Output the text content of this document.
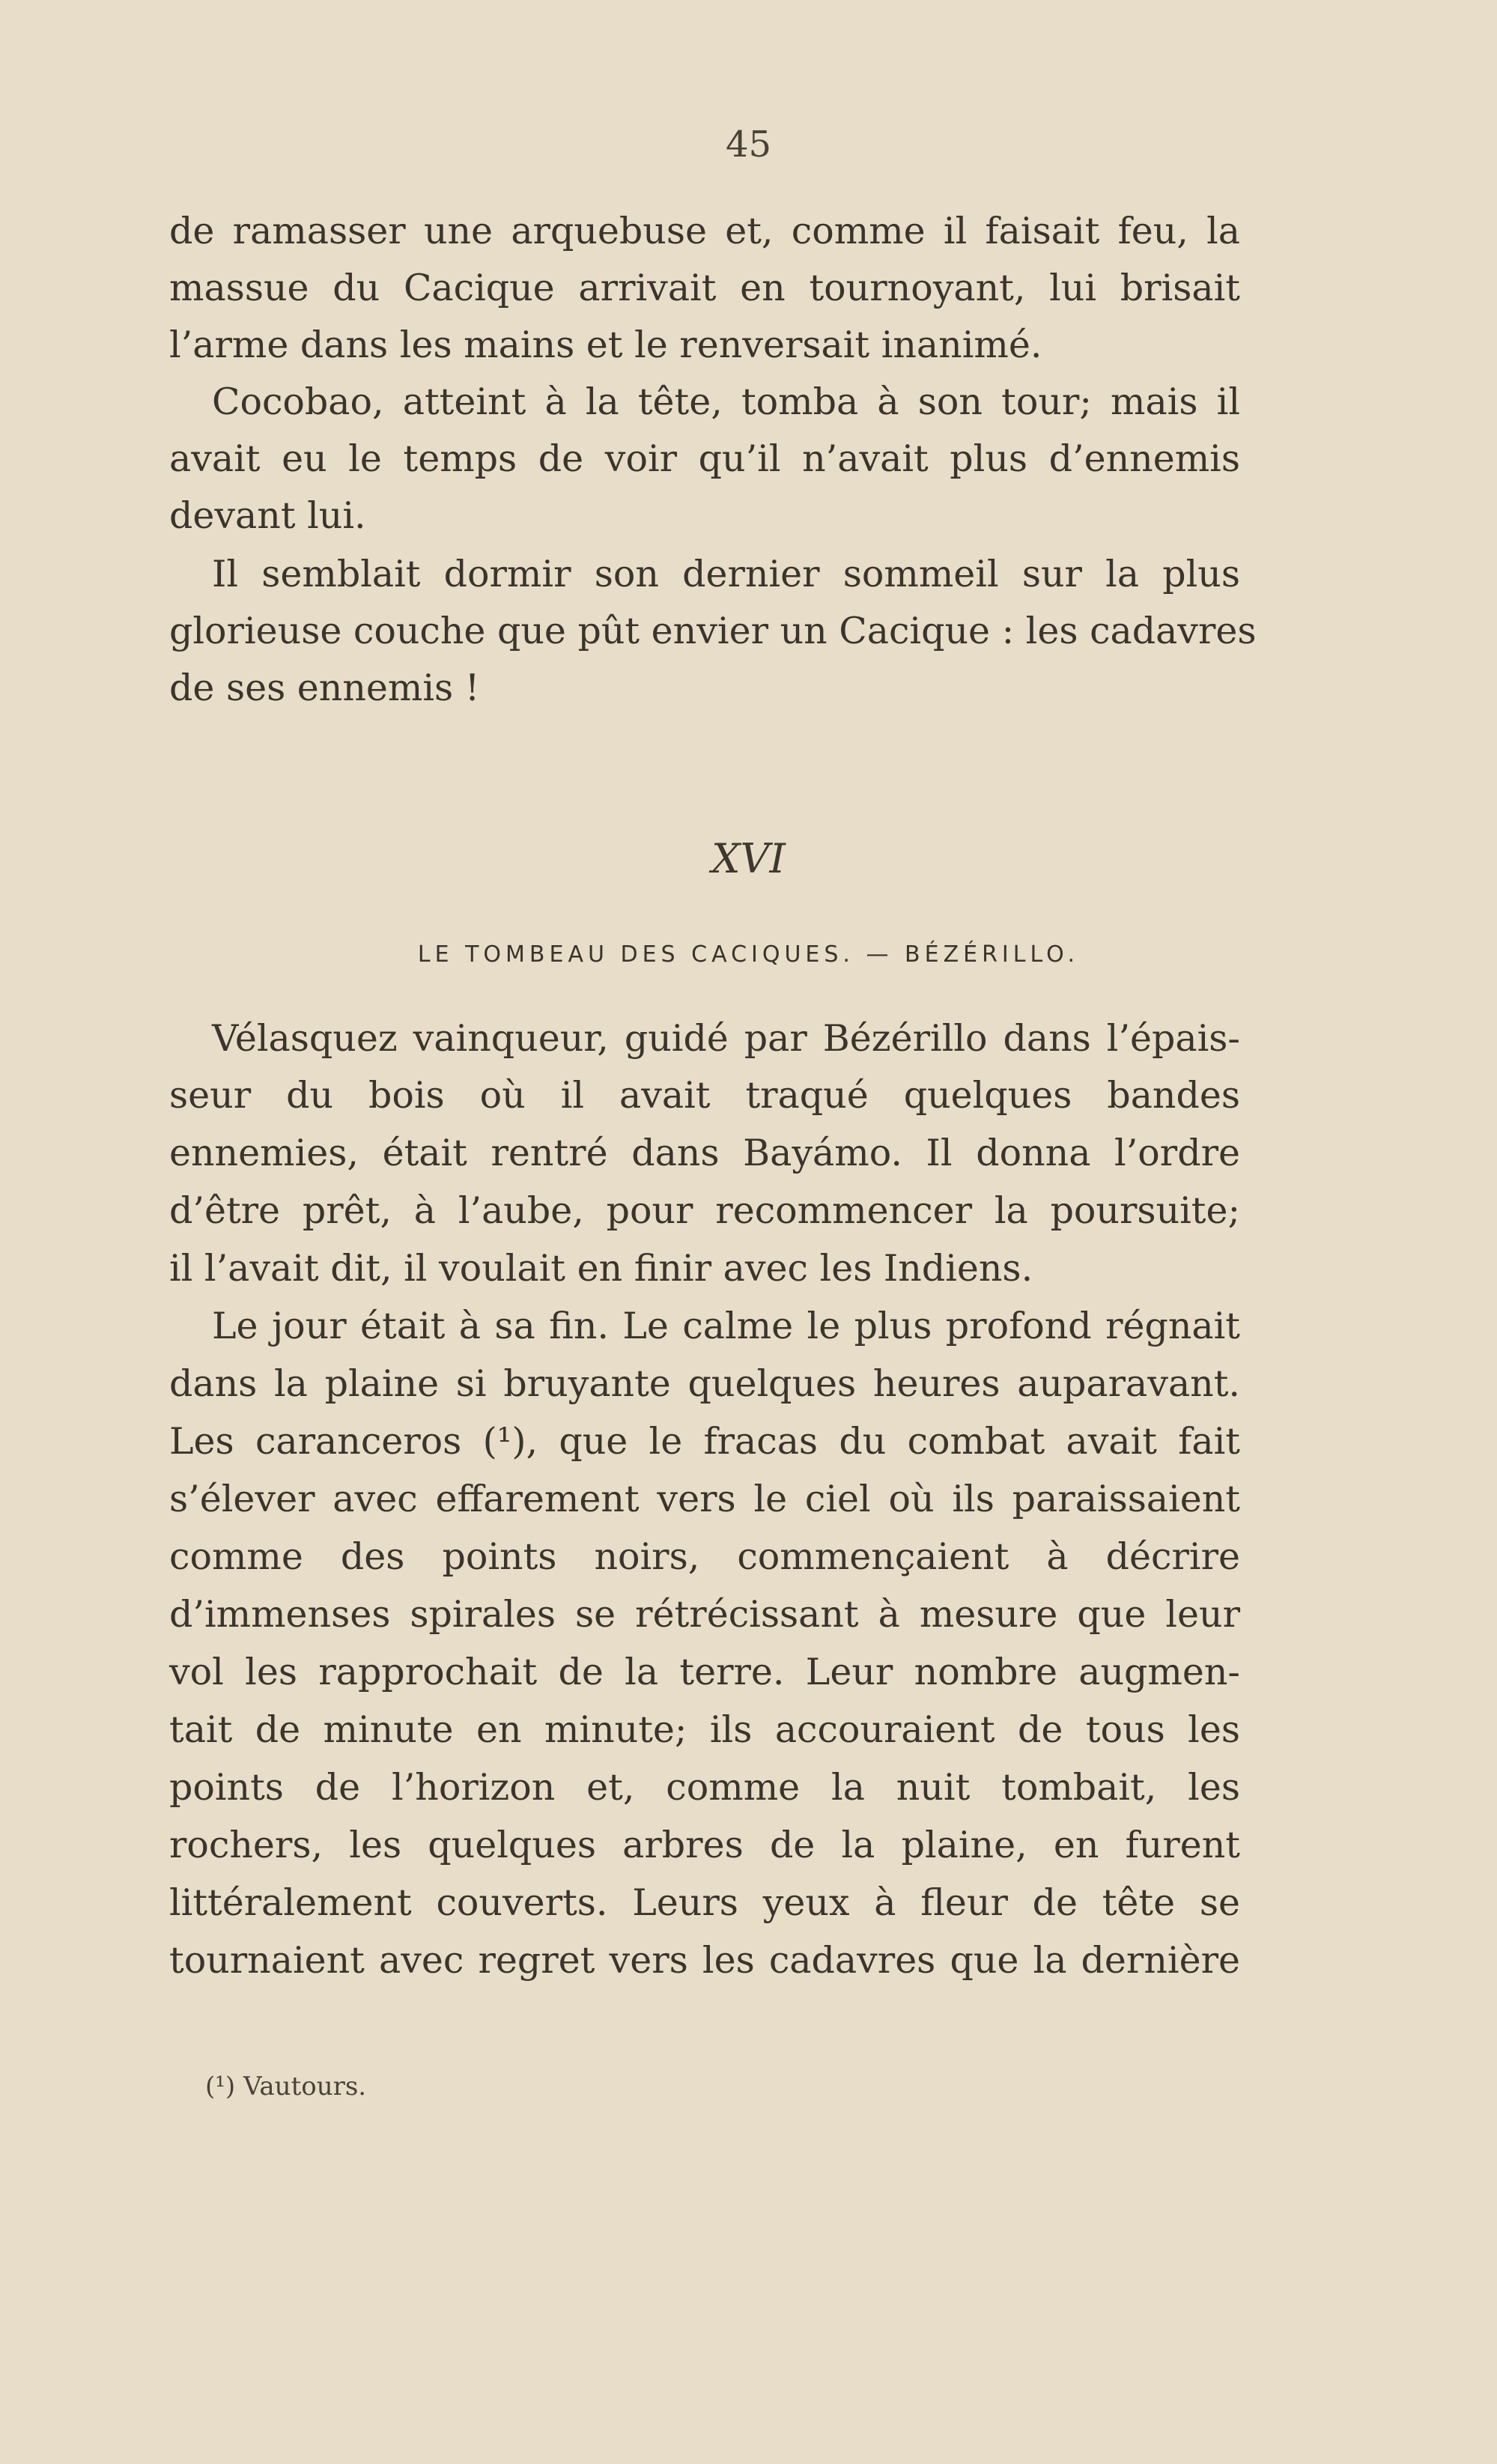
45
de ramasser une arquebuse et, comme il faisait feu, la
massue du Cacique arrivait en tournoyant, lui brisait
l’arme dans les mains et le renversait inanimé.
Cocobao, atteint à la tête, tomba à son tour; mais il
avait eu le temps de voir qu’il n’avait plus d’ennemis
devant lui.
Il semblait dormir son dernier sommeil sur la plus
glorieuse couche que pût envier un Cacique : les cadavres
de ses ennemis !
XVI
LE TOMBEAU DES CACIQUES. — BÉZÉRILLO.
Vélasquez vainqueur, guidé par Bézérillo dans l’épais-
seur du bois où il avait traqué quelques bandes
ennemies, était rentré dans Bayámo. Il donna l’ordre
d’être prêt, à l’aube, pour recommencer la poursuite;
il l’avait dit, il voulait en finir avec les Indiens.
Le jour était à sa fin. Le calme le plus profond régnait
dans la plaine si bruyante quelques heures auparavant.
Les caranceros (¹), que le fracas du combat avait fait
s’élever avec effarement vers le ciel où ils paraissaient
comme des points noirs, commençaient à décrire
d’immenses spirales se rétrécissant à mesure que leur
vol les rapprochait de la terre. Leur nombre augmen-
tait de minute en minute; ils accouraient de tous les
points de l’horizon et, comme la nuit tombait, les
rochers, les quelques arbres de la plaine, en furent
littéralement couverts. Leurs yeux à fleur de tête se
tournaient avec regret vers les cadavres que la dernière
(¹) Vautours.
